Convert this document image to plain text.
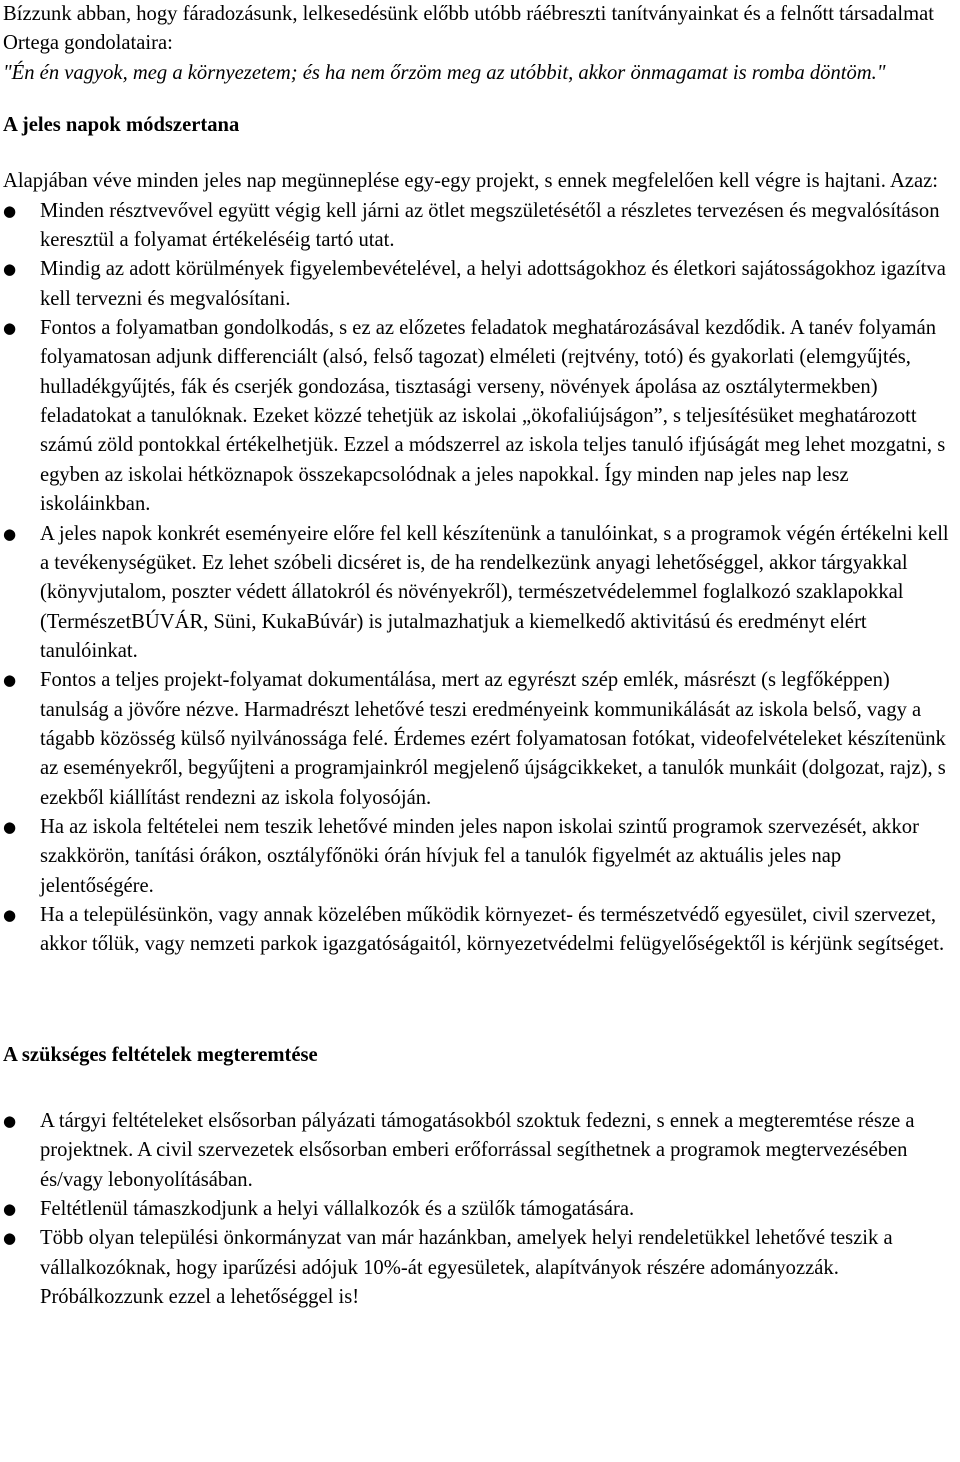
Bízzunk abban, hogy fáradozásunk, lelkesedésünk előbb utóbb ráébreszti tanítványainkat és a felnőtt társadalmat Ortega gondolataira:
"Én én vagyok, meg a környezetem; és ha nem őrzöm meg az utóbbit, akkor önmagamat is romba döntöm."

A jeles napok módszertana

Alapjában véve minden jeles nap megünneplése egy-egy projekt, s ennek megfelelően kell végre is hajtani. Azaz:

●	Minden résztvevővel együtt végig kell járni az ötlet megszületésétől a részletes tervezésen és megvalósításon keresztül a folyamat értékeléséig tartó utat.
●	Mindig az adott körülmények figyelembevételével, a helyi adottságokhoz és életkori sajátosságokhoz igazítva kell tervezni és megvalósítani.
●	Fontos a folyamatban gondolkodás, s ez az előzetes feladatok meghatározásával kezdődik. A tanév folyamán folyamatosan adjunk differenciált (alsó, felső tagozat) elméleti (rejtvény, totó) és gyakorlati (elemgyűjtés, hulladékgyűjtés, fák és cserjék gondozása, tisztasági verseny, növények ápolása az osztálytermekben) feladatokat a tanulóknak. Ezeket közzé tehetjük az iskolai „ökofaliújságon”, s teljesítésüket meghatározott számú zöld pontokkal értékelhetjük. Ezzel a módszerrel az iskola teljes tanuló ifjúságát meg lehet mozgatni, s egyben az iskolai hétköznapok összekapcsolódnak a jeles napokkal. Így minden nap jeles nap lesz iskoláinkban.
●	A jeles napok konkrét eseményeire előre fel kell készítenünk a tanulóinkat, s a programok végén értékelni kell a tevékenységüket. Ez lehet szóbeli dicséret is, de ha rendelkezünk anyagi lehetőséggel, akkor tárgyakkal (könyvjutalom, poszter védett állatokról és növényekről), természetvédelemmel foglalkozó szaklapokkal (TermészetBÚVÁR, Süni, KukaBúvár) is jutalmazhatjuk a kiemelkedő aktivitású és eredményt elért tanulóinkat.
●	Fontos a teljes projekt-folyamat dokumentálása, mert az egyrészt szép emlék, másrészt (s legfőképpen) tanulság a jövőre nézve. Harmadrészt lehetővé teszi eredményeink kommunikálását az iskola belső, vagy a tágabb közösség külső nyilvánossága felé. Érdemes ezért folyamatosan fotókat, videofelvételeket készítenünk az eseményekről, begyűjteni a programjainkról megjelenő újságcikkeket, a tanulók munkáit (dolgozat, rajz), s ezekből kiállítást rendezni az iskola folyosóján.
●	Ha az iskola feltételei nem teszik lehetővé minden jeles napon iskolai szintű programok szervezését, akkor szakkörön, tanítási órákon, osztályfőnöki órán hívjuk fel a tanulók figyelmét az aktuális jeles nap jelentőségére.
●	Ha a településünkön, vagy annak közelében működik környezet- és természetvédő egyesület, civil szervezet, akkor tőlük, vagy nemzeti parkok igazgatóságaitól, környezetvédelmi felügyelőségektől is kérjünk segítséget.
A szükséges feltételek megteremtése
●	A tárgyi feltételeket elsősorban pályázati támogatásokból szoktuk fedezni, s ennek a megteremtése része a projektnek. A civil szervezetek elsősorban emberi erőforrással segíthetnek a programok megtervezésében és/vagy lebonyolításában.
●	Feltétlenül támaszkodjunk a helyi vállalkozók és a szülők támogatására.
●	Több olyan települési önkormányzat van már hazánkban, amelyek helyi rendeletükkel lehetővé teszik a vállalkozóknak, hogy iparűzési adójuk 10%-át egyesületek, alapítványok részére adományozzák. Próbálkozzunk ezzel a lehetőséggel is!
